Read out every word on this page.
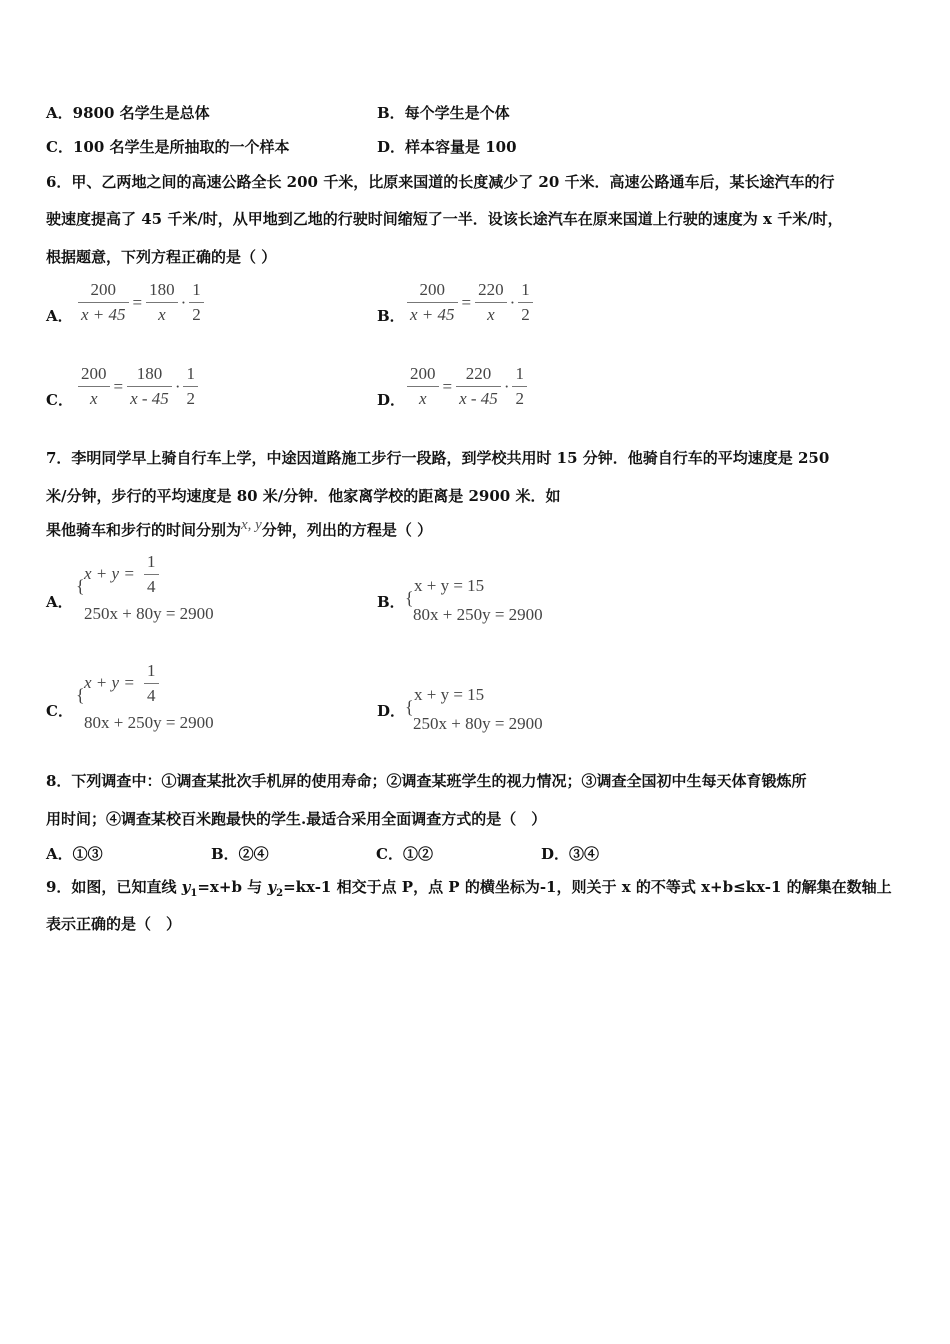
A．9800 名学生是总体	B．每个学生是个体
C．100 名学生是所抽取的一个样本	D．样本容量是 100
6．甲、乙两地之间的高速公路全长 200 千米，比原来国道的长度减少了 20 千米．高速公路通车后，某长途汽车的行
驶速度提高了 45 千米/时，从甲地到乙地的行驶时间缩短了一半．设该长途汽车在原来国道上行驶的速度为 x 千米/时，
根据题意，下列方程正确的是（ ）
A． $\frac{200}{x + 45} = \frac{180}{x} \cdot \frac{1}{2}$	B． $\frac{200}{x + 45} = \frac{220}{x} \cdot \frac{1}{2}$
C． $\frac{200}{x} = \frac{180}{x - 45} \cdot \frac{1}{2}$	D． $\frac{200}{x} = \frac{220}{x - 45} \cdot \frac{1}{2}$
7．李明同学早上骑自行车上学，中途因道路施工步行一段路，到学校共用时 15 分钟．他骑自行车的平均速度是 250
米/分钟，步行的平均速度是 80 米/分钟．他家离学校的距离是 2900 米．如
果他骑车和步行的时间分别为x, y分钟，列出的方程是（ ）
A．
{
$x + y = \frac{1}{4}$
250x + 80y = 2900
B． {
x + y = 15
80x + 250y = 2900
C．
{
$x + y = \frac{1}{4}$
80x + 250y = 2900
D． {
x + y = 15
250x + 80y = 2900
8．下列调查中：①调查某批次手机屏的使用寿命；②调查某班学生的视力情况；③调查全国初中生每天体育锻炼所
用时间；④调查某校百米跑最快的学生.最适合采用全面调查方式的是（　）
A．①③	B．②④	C．①②	D．③④
9．如图，已知直线 $y_1=x+b$ 与 $y_2=kx-1$ 相交于点 P，点 P 的横坐标为-1，则关于 x 的不等式 x+b≤kx-1 的解集在数轴上
表示正确的是（　）
